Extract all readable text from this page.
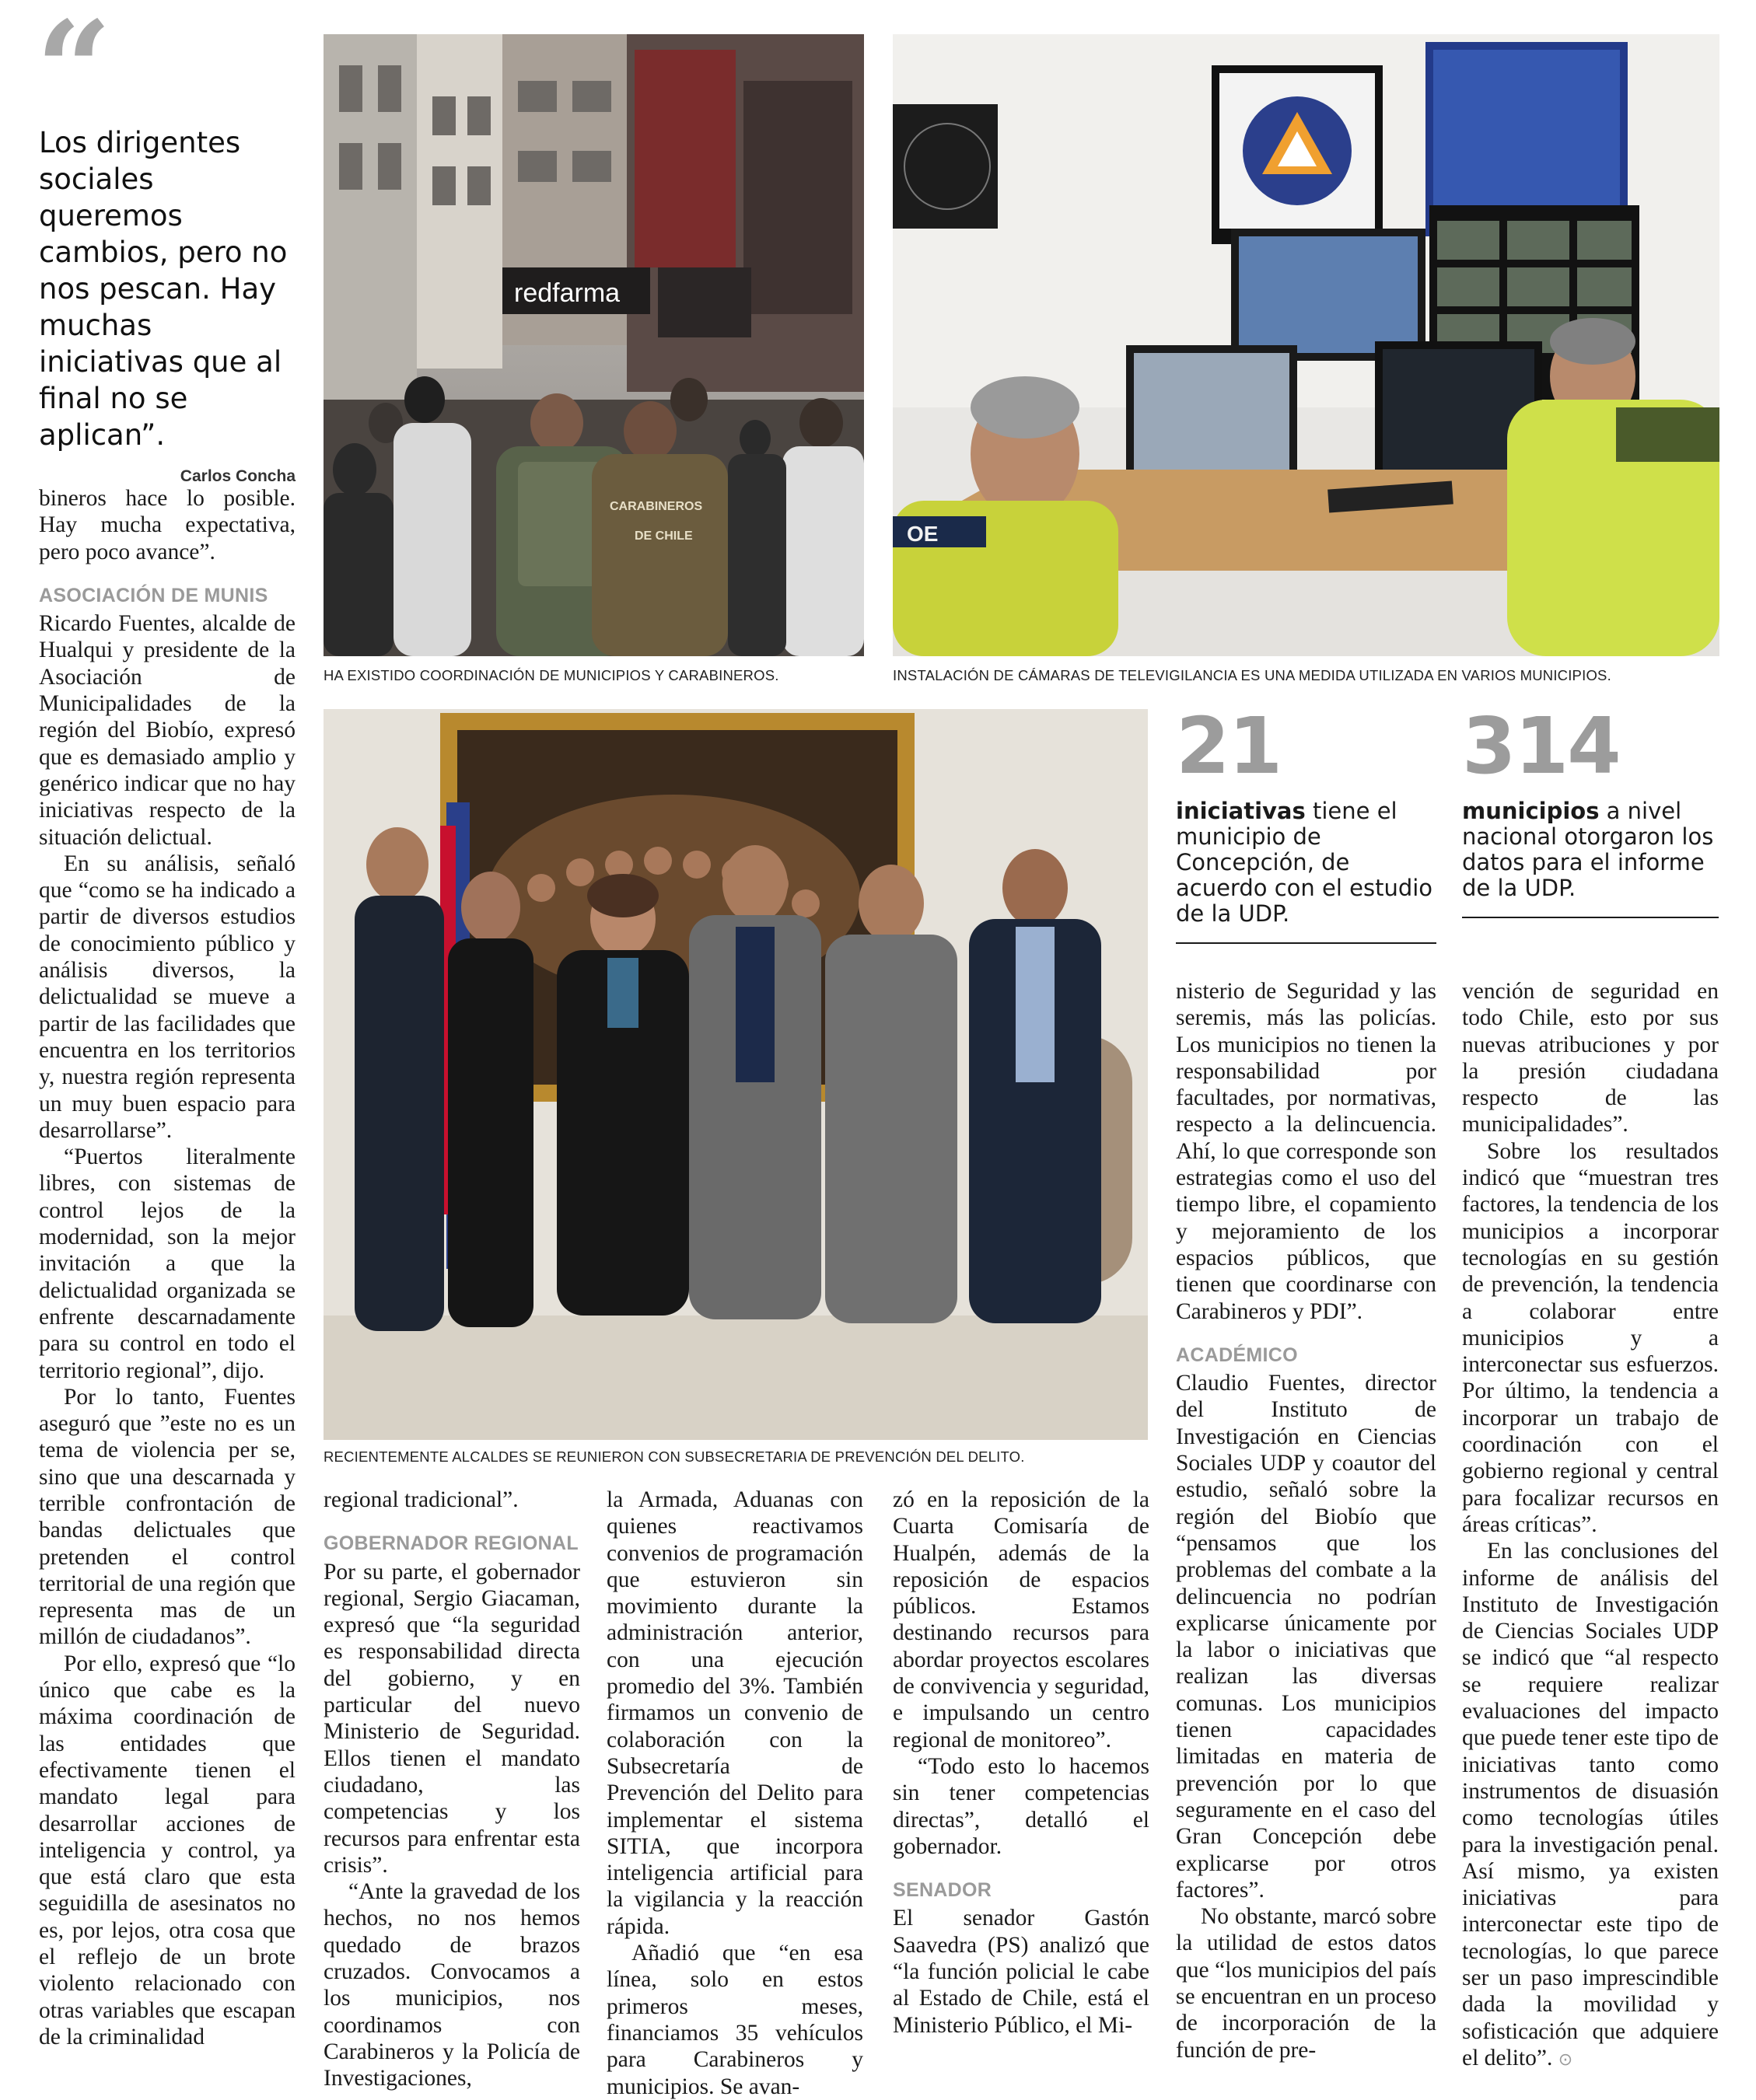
“
Los dirigentes sociales queremos cambios, pero no nos pescan. Hay muchas iniciativas que al final no se aplican”.
Carlos Concha
redfarma
CARABINEROS
DE CHILE
HA EXISTIDO COORDINACIÓN DE MUNICIPIOS Y CARABINEROS.
OE
INSTALACIÓN DE CÁMARAS DE TELEVIGILANCIA ES UNA MEDIDA UTILIZADA EN VARIOS MUNICIPIOS.
RECIENTEMENTE ALCALDES SE REUNIERON CON SUBSECRETARIA DE PREVENCIÓN DEL DELITO.
21
iniciativas tiene el municipio de Concepción, de acuerdo con el estudio de la UDP.
314
municipios a nivel nacional otorgaron los datos para el informe de la UDP.

bineros hace lo posible. Hay mucha expectativa, pero poco avance”.

ASOCIACIÓN DE MUNIS

Ricardo Fuentes, alcalde de Hualqui y presidente de la Asociación de Municipalidades de la región del Biobío, expresó que es demasiado amplio y genérico indicar que no hay iniciativas respecto de la situación delictual.

En su análisis, señaló que “como se ha indicado a partir de diversos estudios de conocimiento público y análisis diversos, la delictualidad se mueve a partir de las facilidades que encuentra en los territorios y, nuestra región representa un muy buen espacio para desarrollarse”.

“Puertos literalmente libres, con sistemas de control lejos de la modernidad, son la mejor invitación a que la delictualidad organizada se enfrente descarnadamente para su control en todo el territorio regional”, dijo.

Por lo tanto, Fuentes aseguró que ”este no es un tema de violencia per se, sino que una descarnada y terrible confrontación de bandas delictuales que pretenden el control territorial de una región que representa mas de un millón de ciudadanos”.

Por ello, expresó que “lo único que cabe es la máxima coordinación de las entidades que efectivamente tienen el mandato legal para desarrollar acciones de inteligencia y control, ya que está claro que esta seguidilla de asesinatos no es, por lejos, otra cosa que el reflejo de un brote violento relacionado con otras variables que escapan de la criminalidad

regional tradicional”.

GOBERNADOR REGIONAL

Por su parte, el gobernador regional, Sergio Giacaman, expresó que “la seguridad es responsabilidad directa del gobierno, y en particular del nuevo Ministerio de Seguridad. Ellos tienen el mandato ciudadano, las competencias y los recursos para enfrentar esta crisis”.

“Ante la gravedad de los hechos, no nos hemos quedado de brazos cruzados. Convocamos a los municipios, nos coordinamos con Carabineros y la Policía de Investigaciones,

la Armada, Aduanas con quienes reactivamos convenios de programación que estuvieron sin movimiento durante la administración anterior, con una ejecución promedio del 3%. También firmamos un convenio de colaboración con la Subsecretaría de Prevención del Delito para implementar el sistema SITIA, que incorpora inteligencia artificial para la vigilancia y la reacción rápida.

Añadió que “en esa línea, solo en estos primeros meses, financiamos 35 vehículos para Carabineros y municipios. Se avan-

zó en la reposición de la Cuarta Comisaría de Hualpén, además de la reposición de espacios públicos. Estamos destinando recursos para abordar proyectos escolares de convivencia y seguridad, e impulsando un centro regional de monitoreo”.

“Todo esto lo hacemos sin tener competencias directas”, detalló el gobernador.

SENADOR

El senador Gastón Saavedra (PS) analizó que “la función policial le cabe al Estado de Chile, está el Ministerio Público, el Mi-

nisterio de Seguridad y las seremis, más las policías. Los municipios no tienen la responsabilidad por facultades, por normativas, respecto a la delincuencia. Ahí, lo que corresponde son estrategias como el uso del tiempo libre, el copamiento y mejoramiento de los espacios públicos, que tienen que coordinarse con Carabineros y PDI”.

ACADÉMICO

Claudio Fuentes, director del Instituto de Investigación en Ciencias Sociales UDP y coautor del estudio, señaló sobre la región del Biobío que “pensamos que los problemas del combate a la delincuencia no podrían explicarse únicamente por la labor o iniciativas que realizan las diversas comunas. Los municipios tienen capacidades limitadas en materia de prevención por lo que seguramente en el caso del Gran Concepción debe explicarse por otros factores”.

No obstante, marcó sobre la utilidad de estos datos que “los municipios del país se encuentran en un proceso de incorporación de la función de pre-

vención de seguridad en todo Chile, esto por sus nuevas atribuciones y por la presión ciudadana respecto de las municipalidades”.

Sobre los resultados indicó que “muestran tres factores, la tendencia de los municipios a incorporar tecnologías en su gestión de prevención, la tendencia a colaborar entre municipios y a interconectar sus esfuerzos. Por último, la tendencia a incorporar un trabajo de coordinación con el gobierno regional y central para focalizar recursos en áreas críticas”.

En las conclusiones del informe de análisis del Instituto de Investigación de Ciencias Sociales UDP se indicó que “al respecto se requiere realizar evaluaciones del impacto que puede tener este tipo de iniciativas tanto como instrumentos de disuasión como tecnologías útiles para la investigación penal. Así mismo, ya existen iniciativas para interconectar este tipo de tecnologías, lo que parece ser un paso imprescindible dada la movilidad y sofisticación que adquiere el delito”. ⊙
